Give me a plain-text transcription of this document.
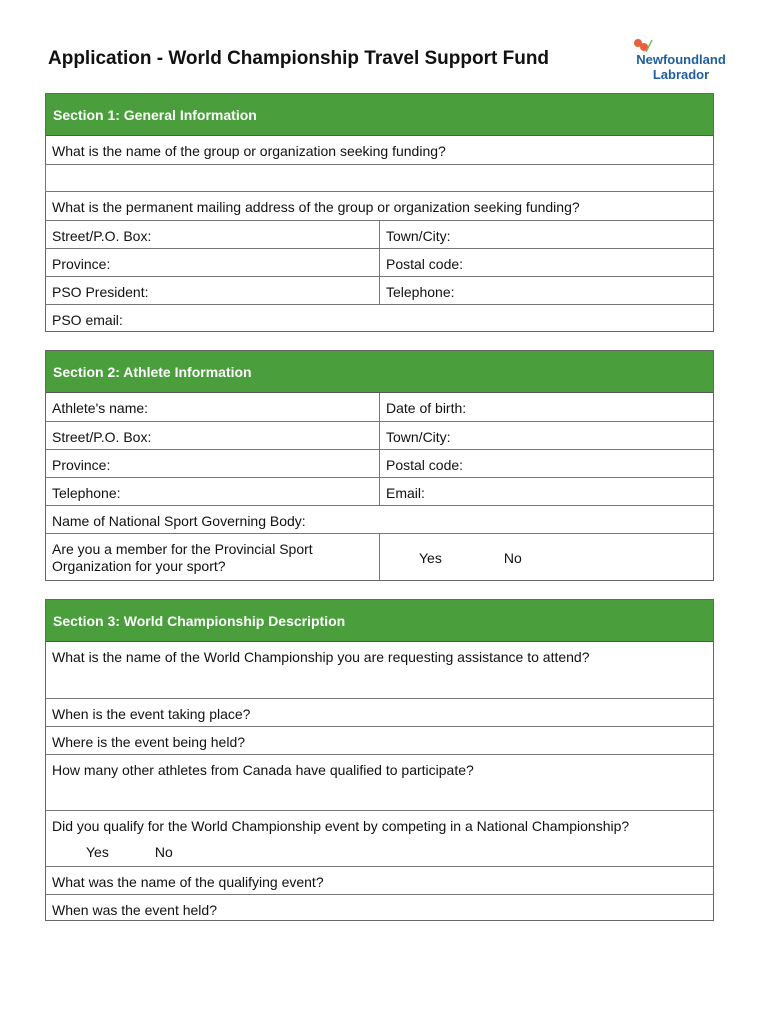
Application - World Championship Travel Support Fund	Newfoundland
Labrador
Section 1: General Information
What is the name of the group or organization seeking funding?
What is the permanent mailing address of the group or organization seeking funding?
Street/P.O. Box:	Town/City:
Province:	Postal code:
PSO President:	Telephone:
PSO email:
Section 2: Athlete Information
Athlete's name:	Date of birth:
Street/P.O. Box:	Town/City:
Province:	Postal code:
Telephone:	Email:
Name of National Sport Governing Body:
Are you a member for the Provincial Sport Organization for your sport?	Yes	No
Section 3: World Championship Description
What is the name of the World Championship you are requesting assistance to attend?
When is the event taking place?
Where is the event being held?
How many other athletes from Canada have qualified to participate?
Did you qualify for the World Championship event by competing in a National Championship?
Yes	No
What was the name of the qualifying event?
When was the event held?
